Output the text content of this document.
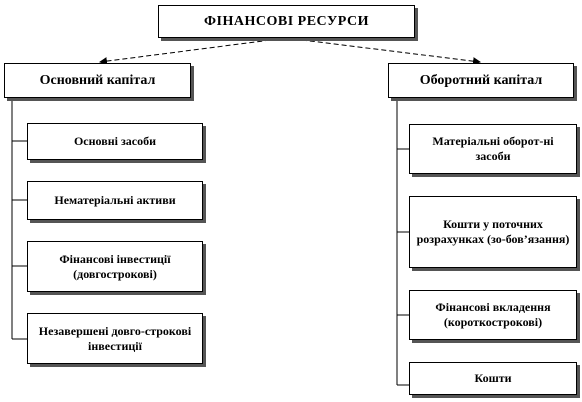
ФІНАНСОВІ РЕСУРСИ
Основний капітал	Оборотний капітал
Основні засоби
Нематеріальні активи
Фінансові інвестиції (довгострокові)
Незавершені довго-строкові інвестиції
Матеріальні оборот-ні засоби
Кошти у поточних розрахунках (зо-бов’язання)
Фінансові вкладення (короткострокові)
Кошти
